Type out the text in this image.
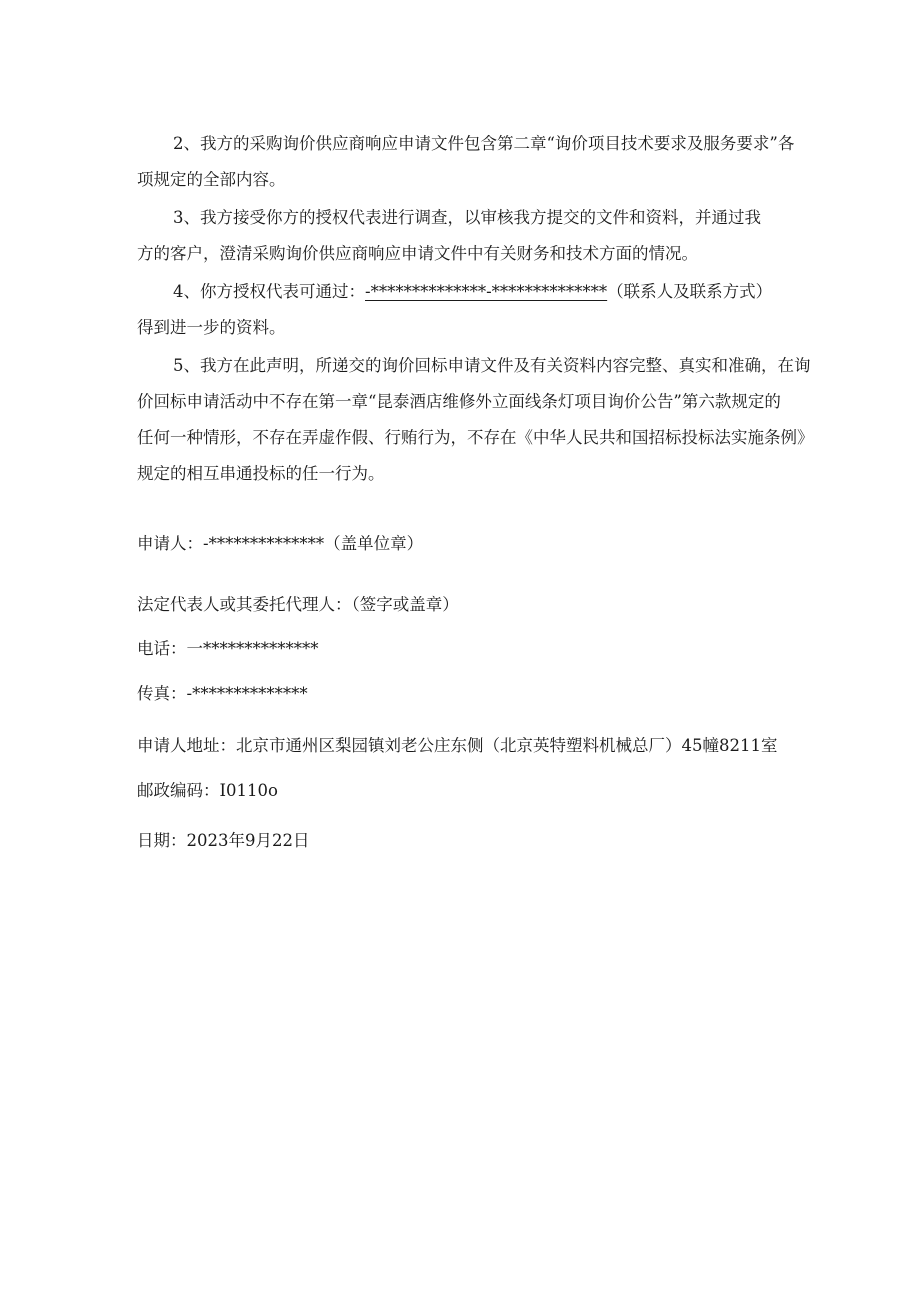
2、我方的采购询价供应商响应申请文件包含第二章“询价项目技术要求及服务要求”各
项规定的全部内容。
3、我方接受你方的授权代表进行调查，以审核我方提交的文件和资料，并通过我
方的客户，澄清采购询价供应商响应申请文件中有关财务和技术方面的情况。
4、你方授权代表可通过：-**************-**************（联系人及联系方式）
得到进一步的资料。
5、我方在此声明，所递交的询价回标申请文件及有关资料内容完整、真实和准确，在询
价回标申请活动中不存在第一章“昆泰酒店维修外立面线条灯项目询价公告”第六款规定的
任何一种情形，不存在弄虚作假、行贿行为，不存在《中华人民共和国招标投标法实施条例》
规定的相互串通投标的任一行为。

申请人：-**************（盖单位章）

法定代表人或其委托代理人：（签字或盖章）

电话：一**************

传真：-**************

申请人地址：北京市通州区梨园镇刘老公庄东侧（北京英特塑料机械总厂）45幢8211室

邮政编码：I0110o

日期：2023年9月22日
